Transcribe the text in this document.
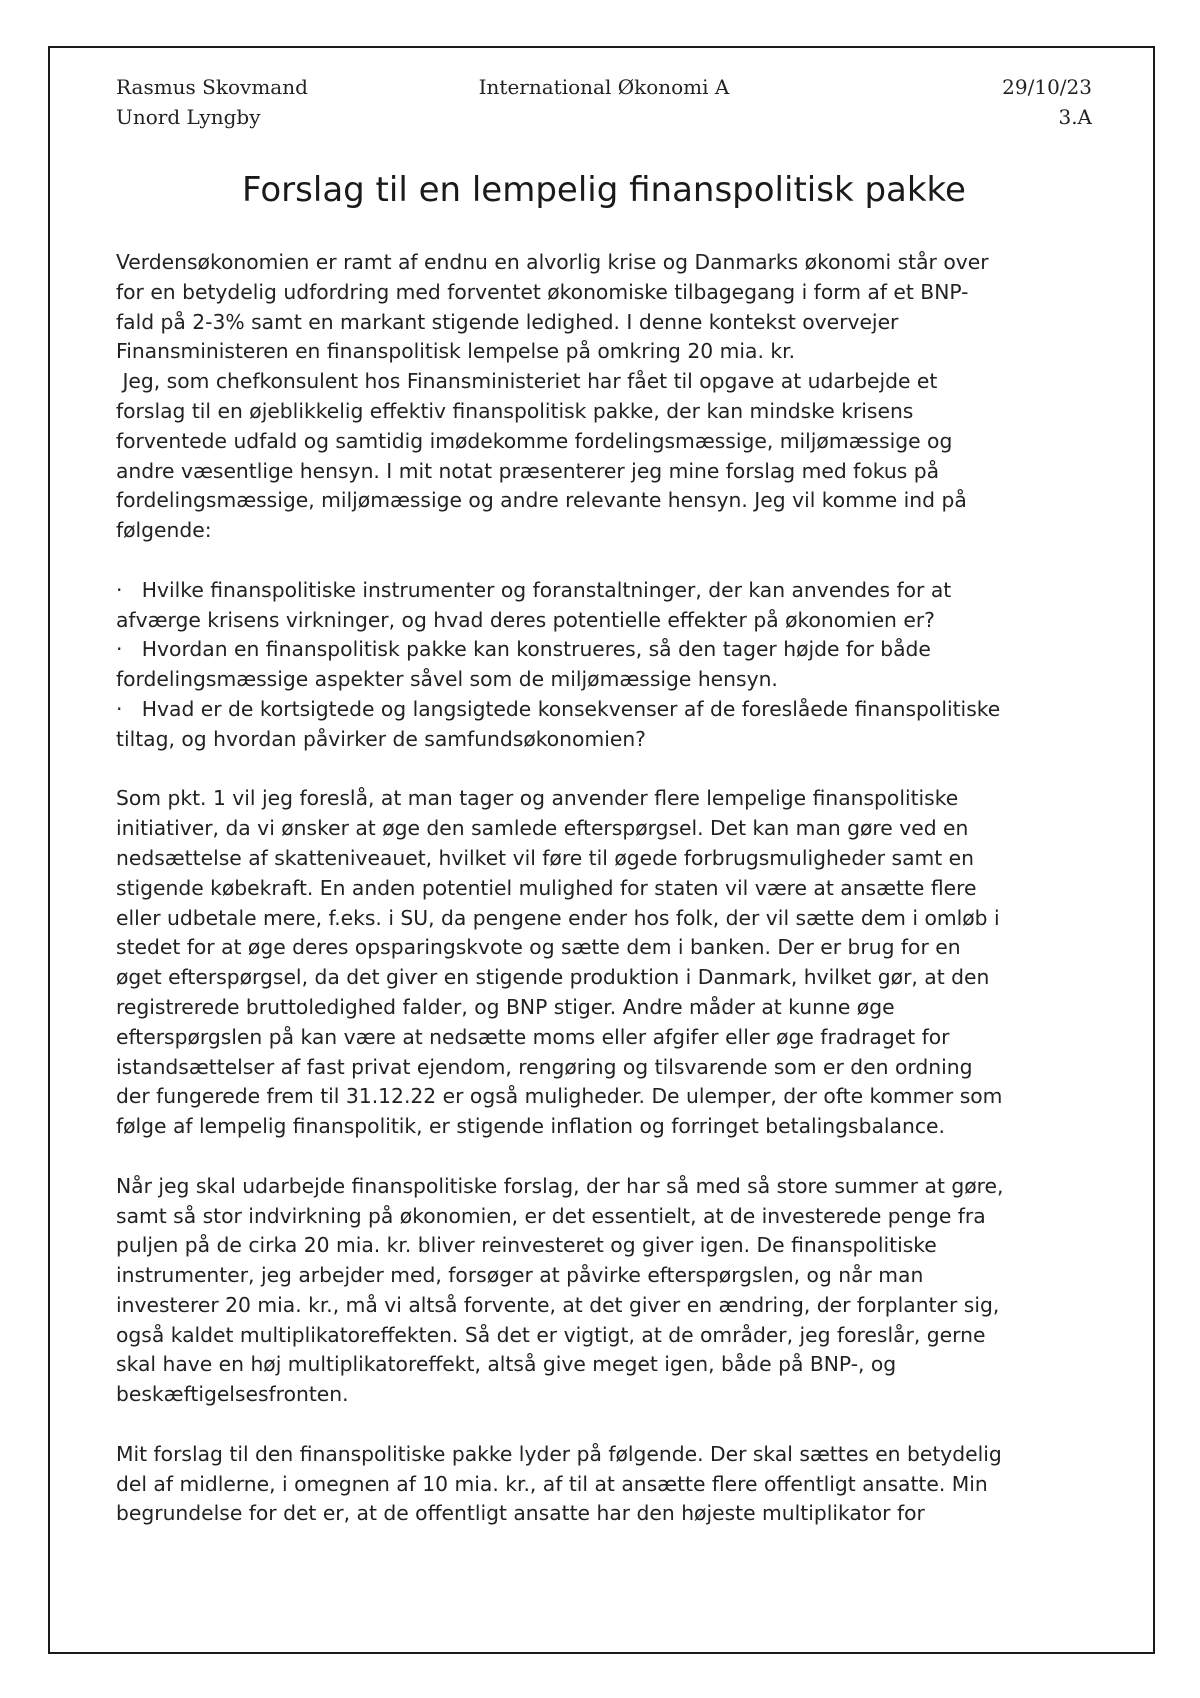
Rasmus Skovmand
Unord Lyngby
International Økonomi A	29/10/23
3.A
Forslag til en lempelig finanspolitisk pakke
Verdensøkonomien er ramt af endnu en alvorlig krise og Danmarks økonomi står over
for en betydelig udfordring med forventet økonomiske tilbagegang i form af et BNP-
fald på 2-3% samt en markant stigende ledighed. I denne kontekst overvejer
Finansministeren en finanspolitisk lempelse på omkring 20 mia. kr.
Jeg, som chefkonsulent hos Finansministeriet har fået til opgave at udarbejde et
forslag til en øjeblikkelig effektiv finanspolitisk pakke, der kan mindske krisens
forventede udfald og samtidig imødekomme fordelingsmæssige, miljømæssige og
andre væsentlige hensyn. I mit notat præsenterer jeg mine forslag med fokus på
fordelingsmæssige, miljømæssige og andre relevante hensyn. Jeg vil komme ind på
følgende:
·   Hvilke finanspolitiske instrumenter og foranstaltninger, der kan anvendes for at
afværge krisens virkninger, og hvad deres potentielle effekter på økonomien er?
·   Hvordan en finanspolitisk pakke kan konstrueres, så den tager højde for både
fordelingsmæssige aspekter såvel som de miljømæssige hensyn.
·   Hvad er de kortsigtede og langsigtede konsekvenser af de foreslåede finanspolitiske
tiltag, og hvordan påvirker de samfundsøkonomien?
Som pkt. 1 vil jeg foreslå, at man tager og anvender flere lempelige finanspolitiske
initiativer, da vi ønsker at øge den samlede efterspørgsel. Det kan man gøre ved en
nedsættelse af skatteniveauet, hvilket vil føre til øgede forbrugsmuligheder samt en
stigende købekraft. En anden potentiel mulighed for staten vil være at ansætte flere
eller udbetale mere, f.eks. i SU, da pengene ender hos folk, der vil sætte dem i omløb i
stedet for at øge deres opsparingskvote og sætte dem i banken. Der er brug for en
øget efterspørgsel, da det giver en stigende produktion i Danmark, hvilket gør, at den
registrerede bruttoledighed falder, og BNP stiger. Andre måder at kunne øge
efterspørgslen på kan være at nedsætte moms eller afgifer eller øge fradraget for
istandsættelser af fast privat ejendom, rengøring og tilsvarende som er den ordning
der fungerede frem til 31.12.22 er også muligheder. De ulemper, der ofte kommer som
følge af lempelig finanspolitik, er stigende inflation og forringet betalingsbalance.
Når jeg skal udarbejde finanspolitiske forslag, der har så med så store summer at gøre,
samt så stor indvirkning på økonomien, er det essentielt, at de investerede penge fra
puljen på de cirka 20 mia. kr. bliver reinvesteret og giver igen. De finanspolitiske
instrumenter, jeg arbejder med, forsøger at påvirke efterspørgslen, og når man
investerer 20 mia. kr., må vi altså forvente, at det giver en ændring, der forplanter sig,
også kaldet multiplikatoreffekten. Så det er vigtigt, at de områder, jeg foreslår, gerne
skal have en høj multiplikatoreffekt, altså give meget igen, både på BNP-, og
beskæftigelsesfronten.
Mit forslag til den finanspolitiske pakke lyder på følgende. Der skal sættes en betydelig
del af midlerne, i omegnen af 10 mia. kr., af til at ansætte flere offentligt ansatte. Min
begrundelse for det er, at de offentligt ansatte har den højeste multiplikator for
